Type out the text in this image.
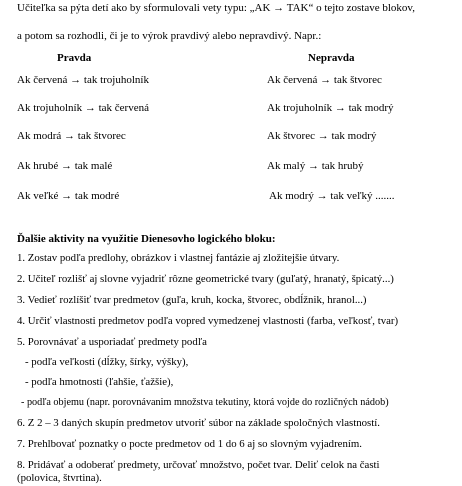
Učiteľka sa pýta detí ako by sformulovali vety typu: „AK → TAK“ o tejto zostave blokov,
a potom sa rozhodli, či je to výrok pravdivý alebo nepravdivý. Napr.:
Pravda	Nepravda
Ak červená → tak trojuholník	Ak červená → tak štvorec
Ak trojuholník → tak červená	Ak trojuholník → tak modrý
Ak modrá → tak štvorec	Ak štvorec → tak modrý
Ak hrubé → tak malé	Ak malý → tak hrubý
Ak veľké → tak modré	Ak modrý → tak veľký .......
Ďalšie aktivity na využitie Dienesovho logického bloku:
1. Zostav podľa predlohy, obrázkov i vlastnej fantázie aj zložitejšie útvary.
2. Učiteľ rozlišť aj slovne vyjadriť rôzne geometrické tvary (guľatý, hranatý, špicatý...)
3. Vedieť rozlíšiť tvar predmetov (guľa, kruh, kocka, štvorec, obdĺžnik, hranol...)
4. Určiť vlastnosti predmetov podľa vopred vymedzenej vlastnosti (farba, veľkosť, tvar)
5. Porovnávať a usporiadať predmety podľa
- podľa veľkosti (dĺžky, šírky, výšky),
- podľa hmotnosti (ľahšie, ťažšie),
- podľa objemu (napr. porovnávanim množstva tekutiny, ktorá vojde do rozličných nádob)
6. Z 2 – 3 daných skupín predmetov utvoriť súbor na základe spoločných vlastností.
7. Prehlbovať poznatky o pocte predmetov od 1 do 6 aj so slovným vyjadrením.
8. Pridávať a odoberať predmety, určovať množstvo, počet tvar. Deliť celok na časti
(polovica, štvrtina).
